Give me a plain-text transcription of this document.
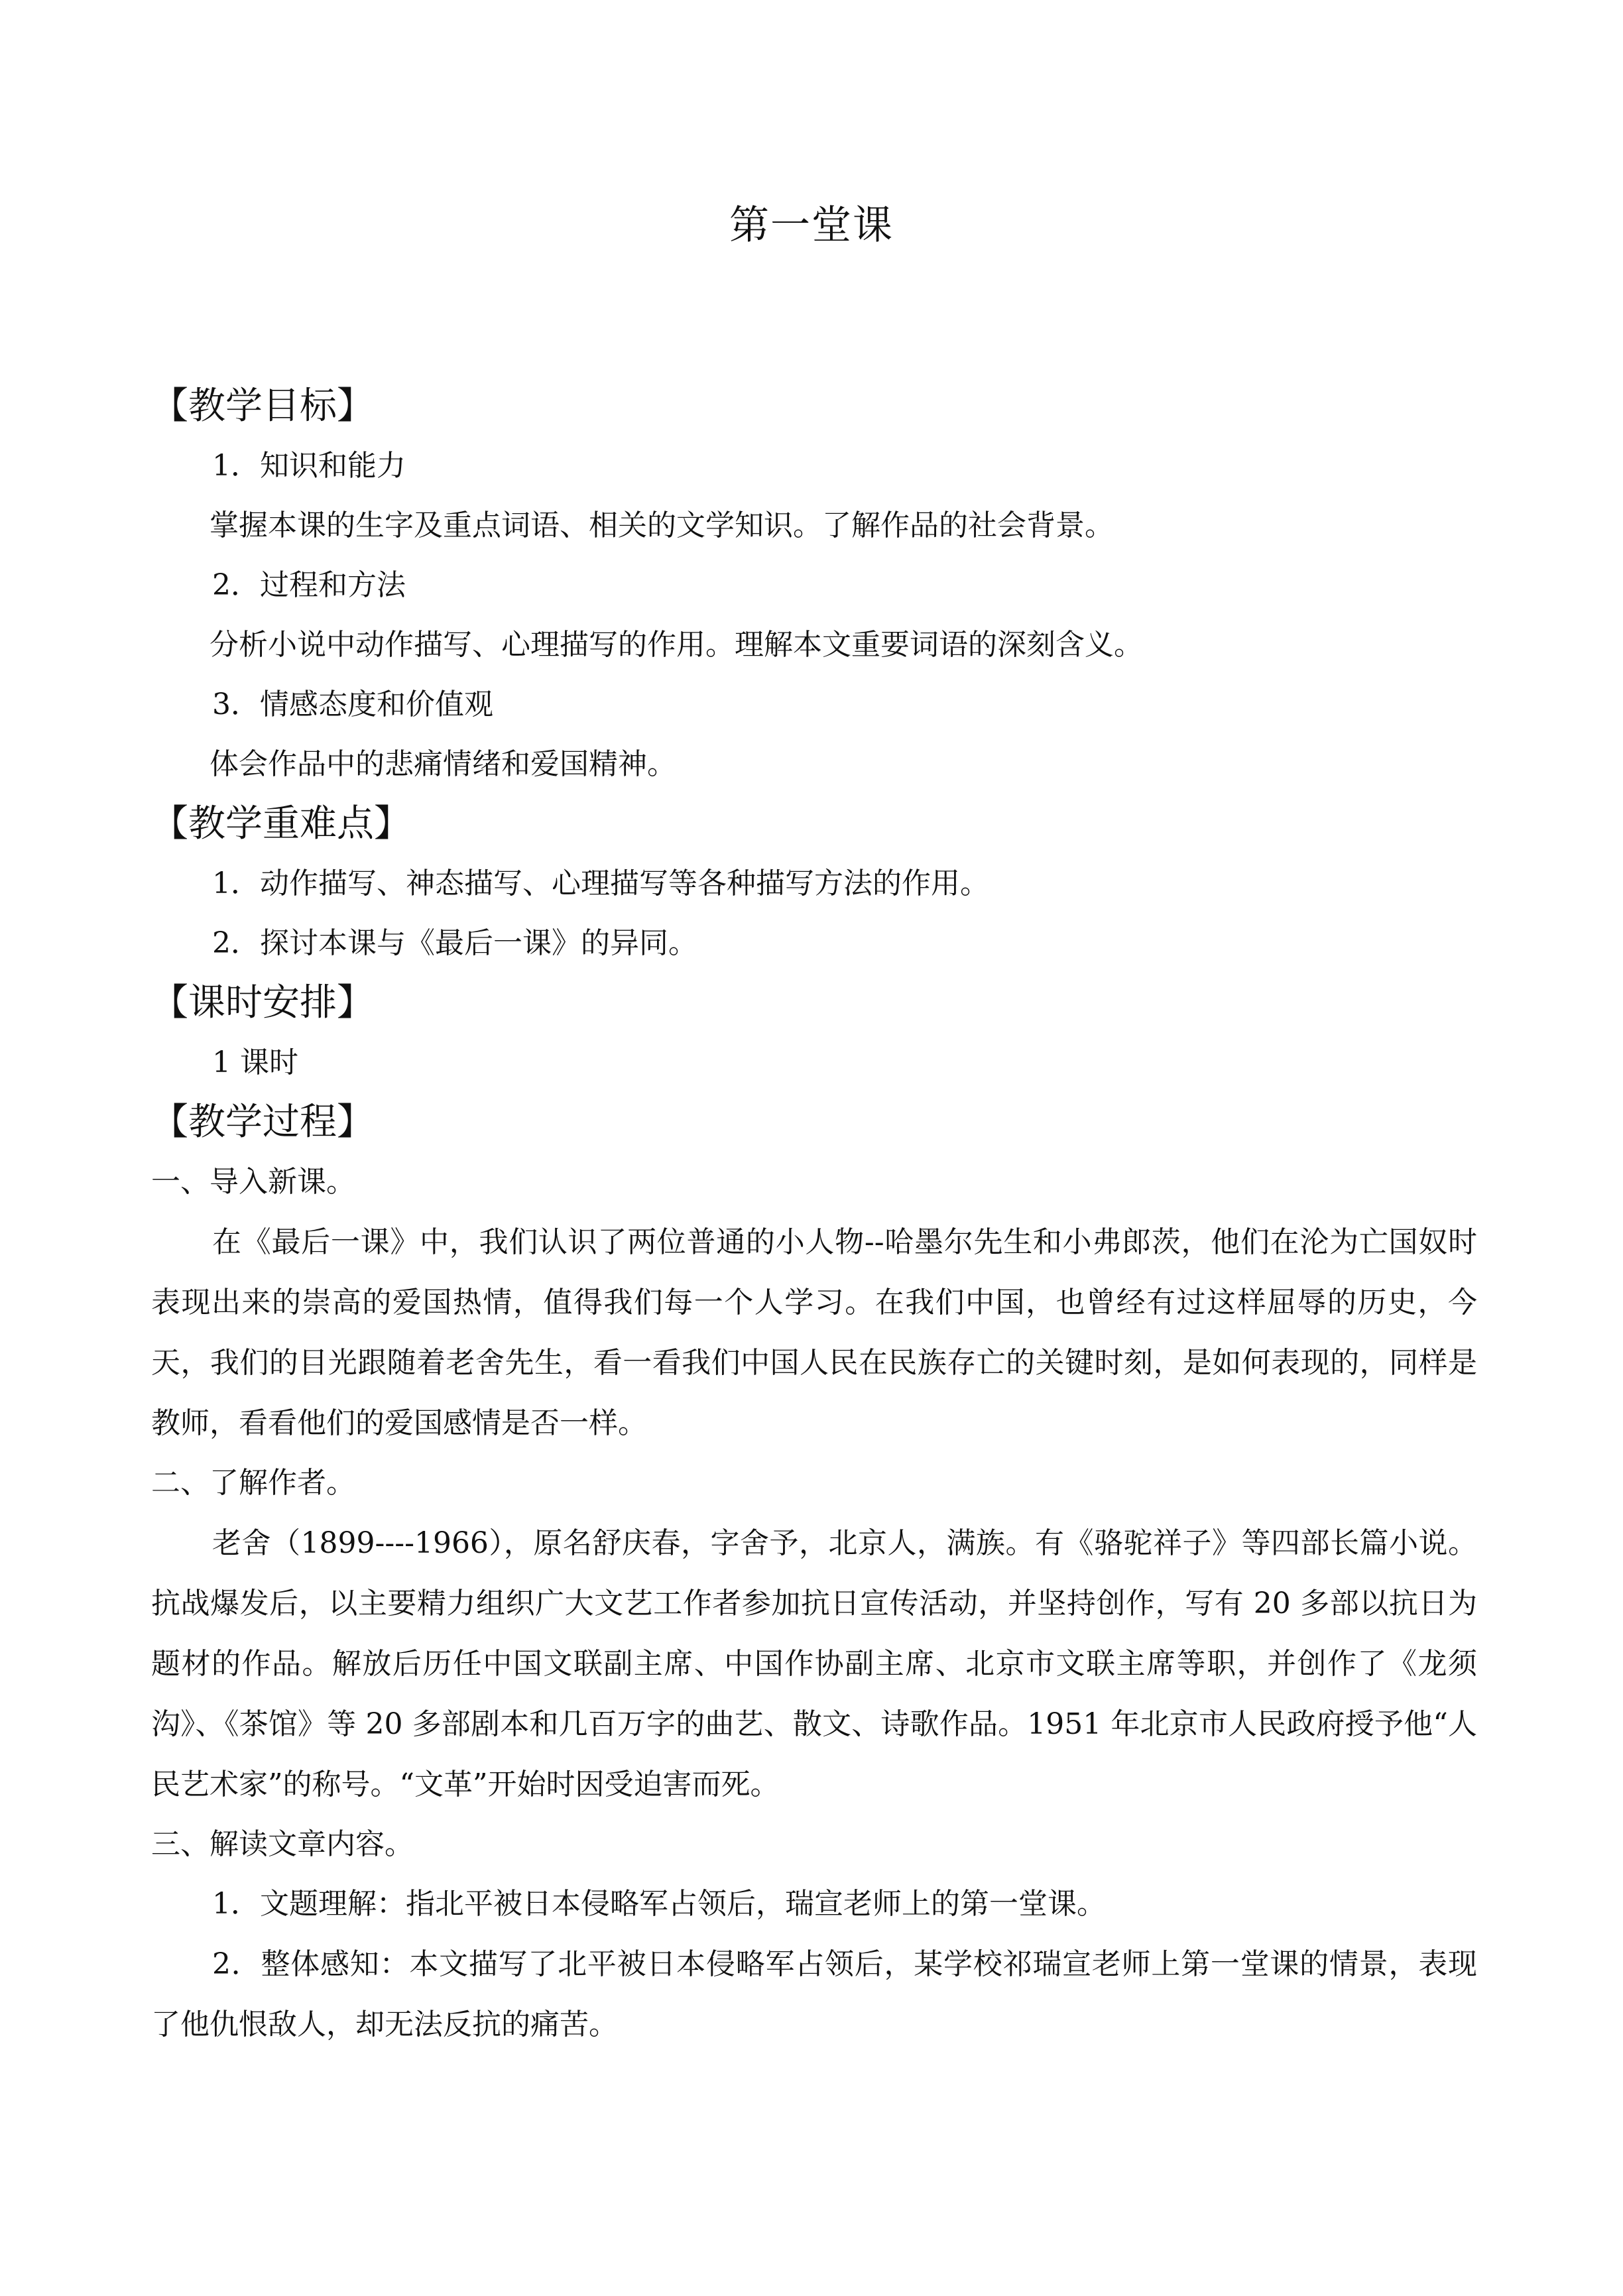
第一堂课
【教学目标】
1．知识和能力
掌握本课的生字及重点词语、相关的文学知识。了解作品的社会背景。
2．过程和方法
分析小说中动作描写、心理描写的作用。理解本文重要词语的深刻含义。
3．情感态度和价值观
体会作品中的悲痛情绪和爱国精神。
【教学重难点】
1．动作描写、神态描写、心理描写等各种描写方法的作用。
2．探讨本课与《最后一课》的异同。
【课时安排】
1 课时
【教学过程】
一、导入新课。

在《最后一课》中，我们认识了两位普通的小人物--哈墨尔先生和小弗郎茨，他们在沦为亡国奴时表现出来的崇高的爱国热情，值得我们每一个人学习。在我们中国，也曾经有过这样屈辱的历史，今天，我们的目光跟随着老舍先生，看一看我们中国人民在民族存亡的关键时刻，是如何表现的，同样是教师，看看他们的爱国感情是否一样。

二、了解作者。

老舍（1899----1966），原名舒庆春，字舍予，北京人，满族。有《骆驼祥子》等四部长篇小说。抗战爆发后，以主要精力组织广大文艺工作者参加抗日宣传活动，并坚持创作，写有 20 多部以抗日为题材的作品。解放后历任中国文联副主席、中国作协副主席、北京市文联主席等职，并创作了《龙须沟》、《茶馆》等 20 多部剧本和几百万字的曲艺、散文、诗歌作品。1951 年北京市人民政府授予他“人民艺术家”的称号。“文革”开始时因受迫害而死。

三、解读文章内容。
1．文题理解：指北平被日本侵略军占领后，瑞宣老师上的第一堂课。

2．整体感知：本文描写了北平被日本侵略军占领后，某学校祁瑞宣老师上第一堂课的情景，表现了他仇恨敌人，却无法反抗的痛苦。
